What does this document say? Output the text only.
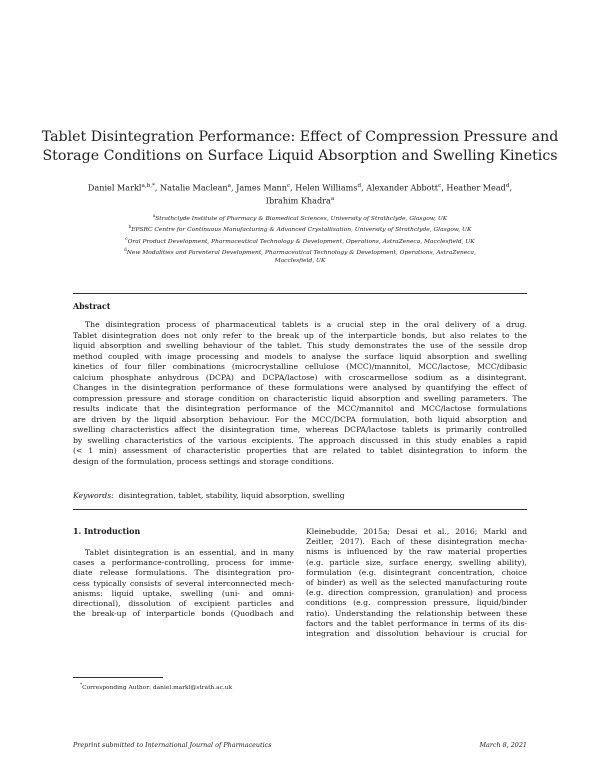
Tablet Disintegration Performance: Effect of Compression Pressure and
Storage Conditions on Surface Liquid Absorption and Swelling Kinetics
Daniel Markl$^{a,b,*}$, Natalie Maclean$^a$, James Mann$^c$, Helen Williams$^d$, Alexander Abbott$^c$, Heather Mead$^d$,
Ibrahim Khadra$^a$
$^a$Strathclyde Institute of Pharmacy & Biomedical Sciences, University of Strathclyde, Glasgow, UK
$^b$EPSRC Centre for Continuous Manufacturing & Advanced Crystallisation, University of Strathclyde, Glasgow, UK
$^c$Oral Product Development, Pharmaceutical Technology & Development, Operations, AstraZeneca, Macclesfield, UK
$^d$New Modalities and Parenteral Development, Pharmaceutical Technology & Development, Operations, AstraZeneca,
Macclesfield, UK
Abstract
The disintegration process of pharmaceutical tablets is a crucial step in the oral delivery of a drug.
Tablet disintegration does not only refer to the break up of the interparticle bonds, but also relates to the
liquid absorption and swelling behaviour of the tablet. This study demonstrates the use of the sessile drop
method coupled with image processing and models to analyse the surface liquid absorption and swelling
kinetics of four filler combinations (microcrystalline cellulose (MCC)/mannitol, MCC/lactose, MCC/dibasic
calcium phosphate anhydrous (DCPA) and DCPA/lactose) with croscarmellose sodium as a disintegrant.
Changes in the disintegration performance of these formulations were analysed by quantifying the effect of
compression pressure and storage condition on characteristic liquid absorption and swelling parameters. The
results indicate that the disintegration performance of the MCC/mannitol and MCC/lactose formulations
are driven by the liquid absorption behaviour. For the MCC/DCPA formulation, both liquid absorption and
swelling characteristics affect the disintegration time, whereas DCPA/lactose tablets is primarily controlled
by swelling characteristics of the various excipients. The approach discussed in this study enables a rapid
(< 1 min) assessment of characteristic properties that are related to tablet disintegration to inform the
design of the formulation, process settings and storage conditions.
Keywords: disintegration, tablet, stability, liquid absorption, swelling
1. Introduction
Tablet disintegration is an essential, and in many
cases a performance-controlling, process for imme-
diate release formulations. The disintegration pro-
cess typically consists of several interconnected mech-
anisms: liquid uptake, swelling (uni- and omni-
directional), dissolution of excipient particles and
the break-up of interparticle bonds (Quodbach and
Kleinebudde, 2015a; Desai et al., 2016; Markl and
Zeitler, 2017). Each of these disintegration mecha-
nisms is influenced by the raw material properties
(e.g. particle size, surface energy, swelling ability),
formulation (e.g. disintegrant concentration, choice
of binder) as well as the selected manufacturing route
(e.g. direction compression, granulation) and process
conditions (e.g. compression pressure, liquid/binder
ratio). Understanding the relationship between these
factors and the tablet performance in terms of its dis-
integration and dissolution behaviour is crucial for
*Corresponding Author: daniel.markl@strath.ac.uk
Preprint submitted to International Journal of Pharmaceutics	March 8, 2021
